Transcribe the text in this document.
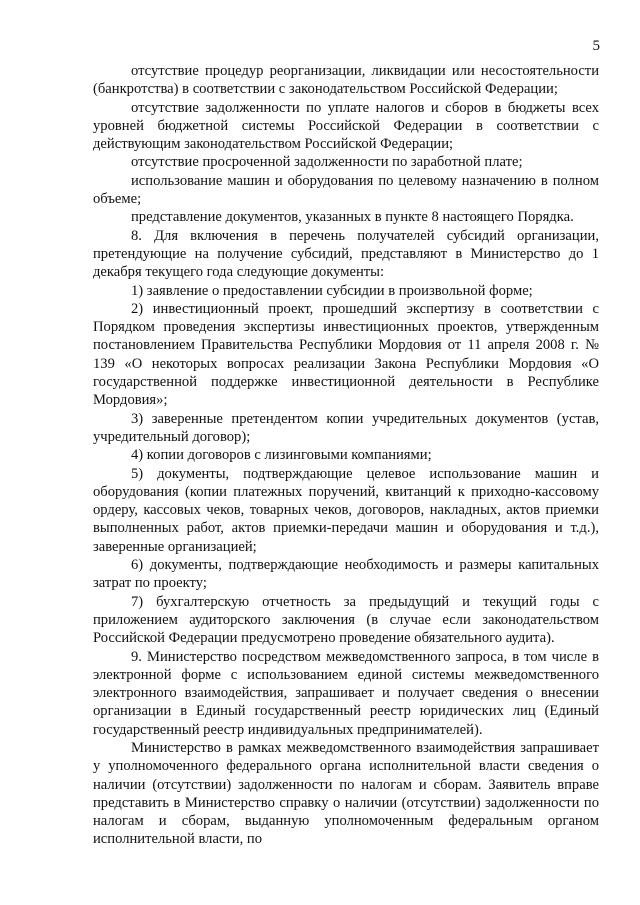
5

отсутствие процедур реорганизации, ликвидации или несостоятельности (банкротства) в соответствии с законодательством Российской Федерации;

отсутствие задолженности по уплате налогов и сборов в бюджеты всех уровней бюджетной системы Российской Федерации в соответствии с действующим законодательством Российской Федерации;

отсутствие просроченной задолженности по заработной плате;

использование машин и оборудования по целевому назначению в полном объеме;

представление документов, указанных в пункте 8 настоящего Порядка.

8. Для включения в перечень получателей субсидий организации, претендующие на получение субсидий, представляют в Министерство до 1 декабря текущего года следующие документы:

1) заявление о предоставлении субсидии в произвольной форме;

2) инвестиционный проект, прошедший экспертизу в соответствии с Порядком проведения экспертизы инвестиционных проектов, утвержденным постановлением Правительства Республики Мордовия от 11 апреля 2008 г. № 139 «О некоторых вопросах реализации Закона Республики Мордовия «О государственной поддержке инвестиционной деятельности в Республике Мордовия»;

3) заверенные претендентом копии учредительных документов (устав, учредительный договор);

4) копии договоров с лизинговыми компаниями;

5) документы, подтверждающие целевое использование машин и оборудования (копии платежных поручений, квитанций к приходно-кассовому ордеру, кассовых чеков, товарных чеков, договоров, накладных, актов приемки выполненных работ, актов приемки-передачи машин и оборудования и т.д.), заверенные организацией;

6) документы, подтверждающие необходимость и размеры капитальных затрат по проекту;

7) бухгалтерскую отчетность за предыдущий и текущий годы с приложением аудиторского заключения (в случае если законодательством Российской Федерации предусмотрено проведение обязательного аудита).

9. Министерство посредством межведомственного запроса, в том числе в электронной форме с использованием единой системы межведомственного электронного взаимодействия, запрашивает и получает сведения о внесении организации в Единый государственный реестр юридических лиц (Единый государственный реестр индивидуальных предпринимателей).

Министерство в рамках межведомственного взаимодействия запрашивает у уполномоченного федерального органа исполнительной власти сведения о наличии (отсутствии) задолженности по налогам и сборам. Заявитель вправе представить в Министерство справку о наличии (отсутствии) задолженности по налогам и сборам, выданную уполномоченным федеральным органом исполнительной власти, по
